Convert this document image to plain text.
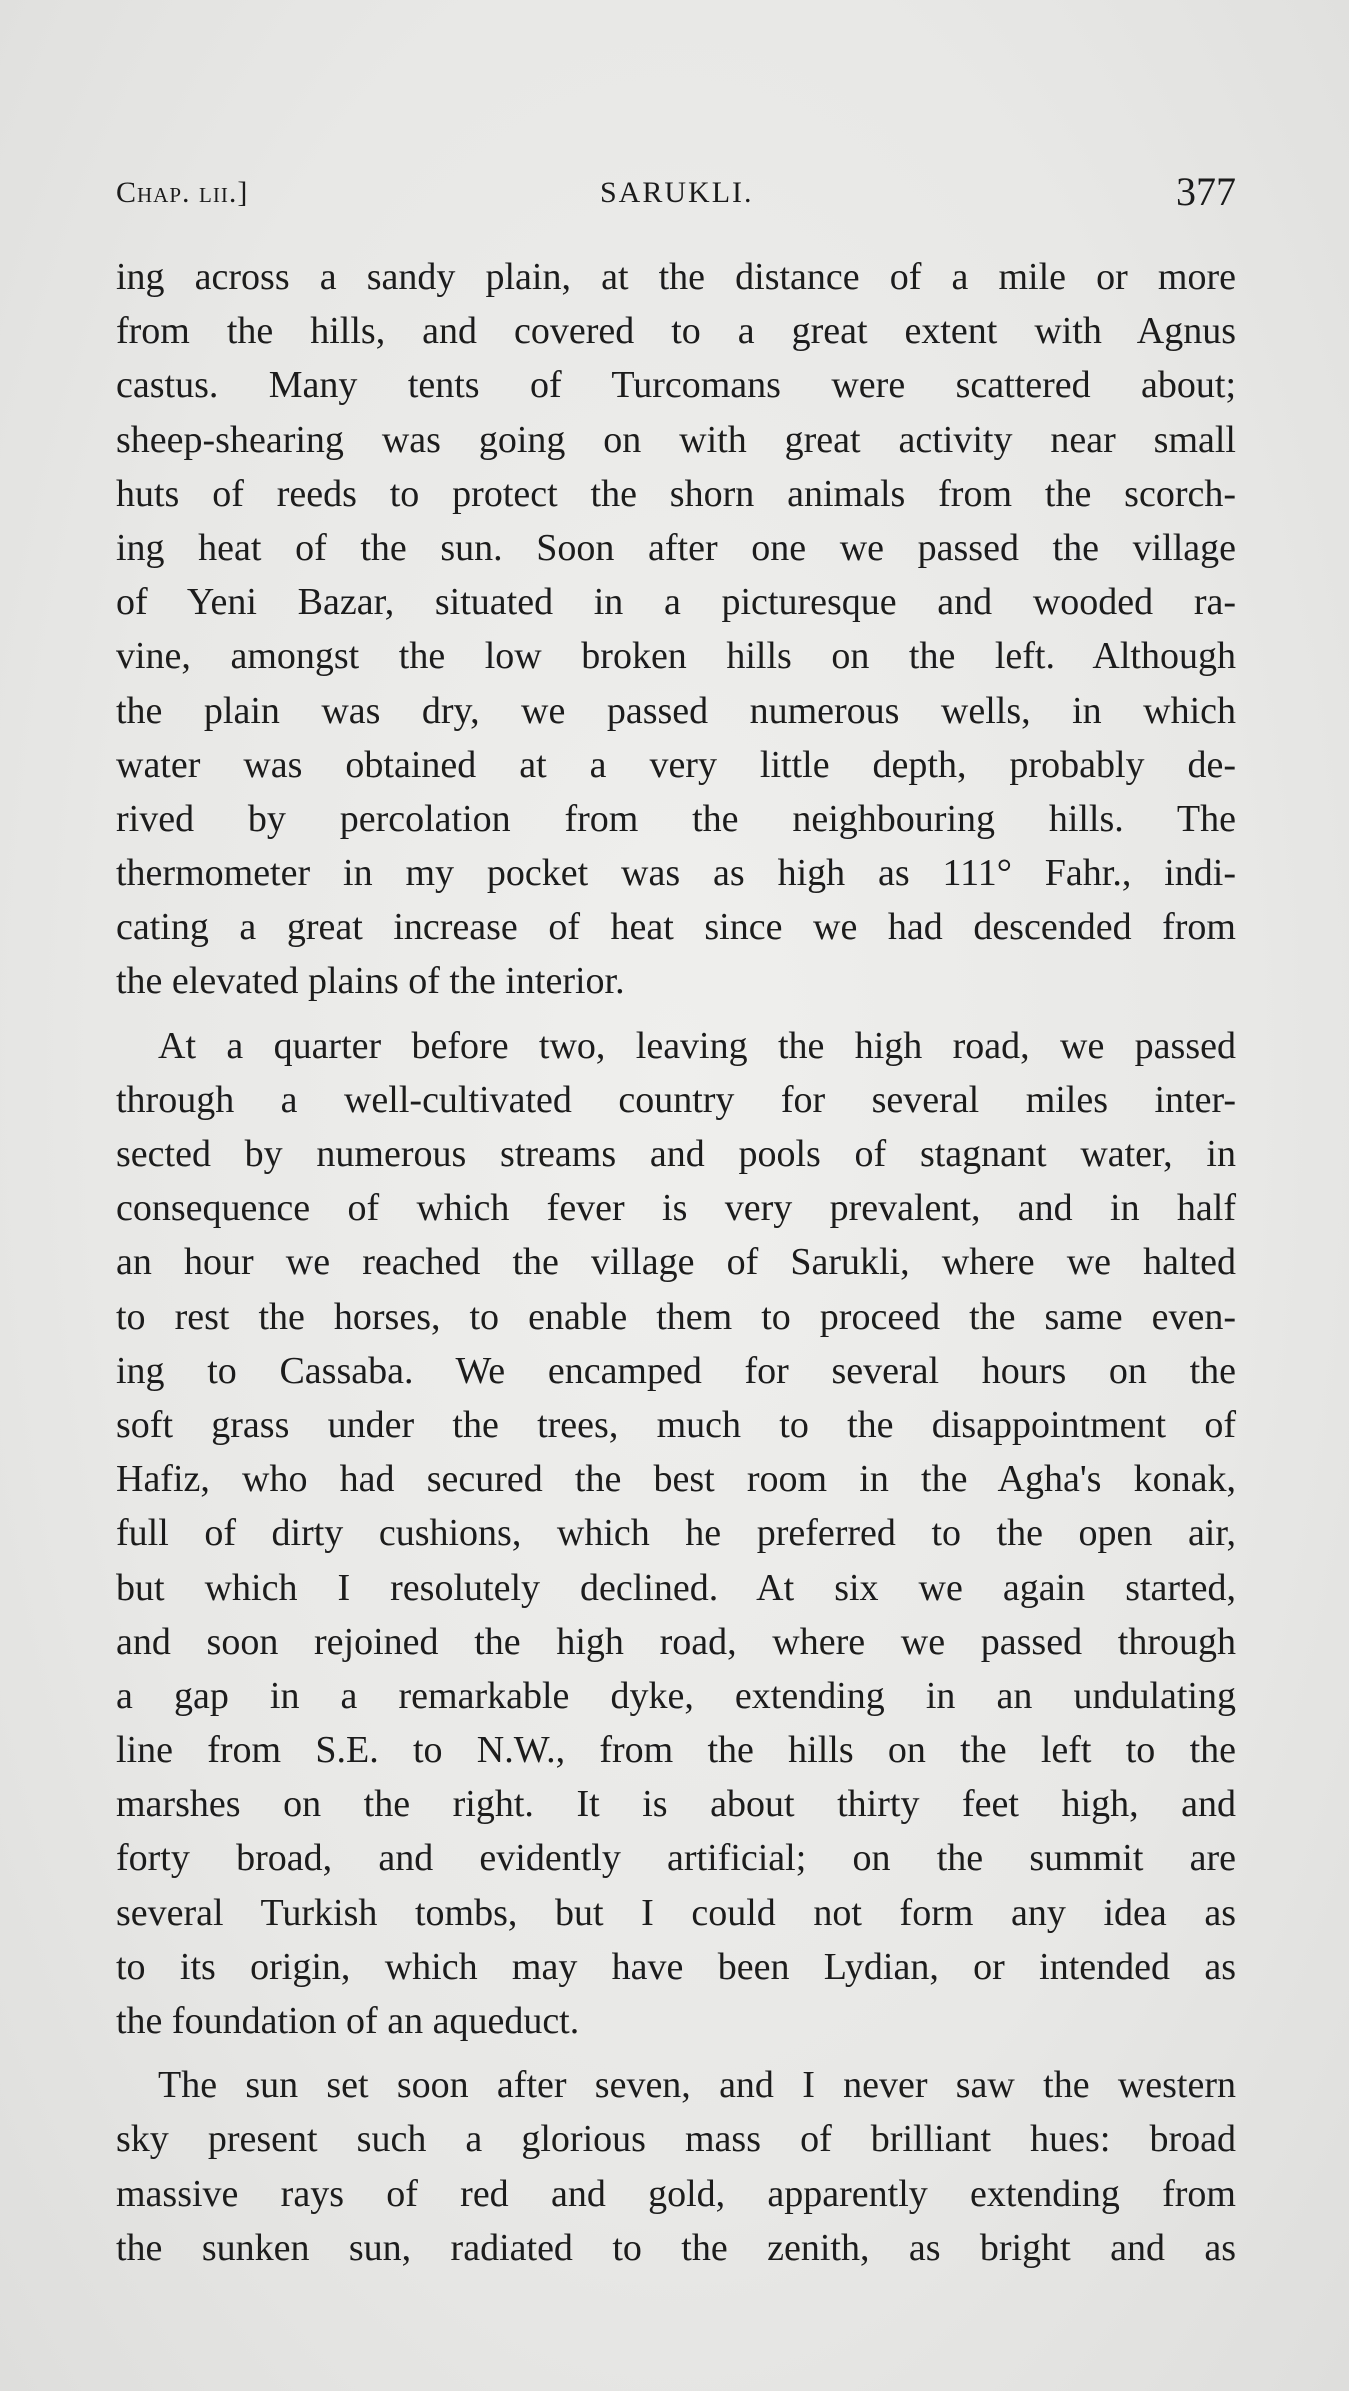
Chap. lii.]	SARUKLI.	377
ing across a sandy plain, at the distance of a mile or more
from the hills, and covered to a great extent with Agnus
castus. Many tents of Turcomans were scattered about;
sheep-shearing was going on with great activity near small
huts of reeds to protect the shorn animals from the scorch-
ing heat of the sun. Soon after one we passed the village
of Yeni Bazar, situated in a picturesque and wooded ra-
vine, amongst the low broken hills on the left. Although
the plain was dry, we passed numerous wells, in which
water was obtained at a very little depth, probably de-
rived by percolation from the neighbouring hills. The
thermometer in my pocket was as high as 111° Fahr., indi-
cating a great increase of heat since we had descended from
the elevated plains of the interior.
At a quarter before two, leaving the high road, we passed
through a well-cultivated country for several miles inter-
sected by numerous streams and pools of stagnant water, in
consequence of which fever is very prevalent, and in half
an hour we reached the village of Sarukli, where we halted
to rest the horses, to enable them to proceed the same even-
ing to Cassaba. We encamped for several hours on the
soft grass under the trees, much to the disappointment of
Hafiz, who had secured the best room in the Agha's konak,
full of dirty cushions, which he preferred to the open air,
but which I resolutely declined. At six we again started,
and soon rejoined the high road, where we passed through
a gap in a remarkable dyke, extending in an undulating
line from S.E. to N.W., from the hills on the left to the
marshes on the right. It is about thirty feet high, and
forty broad, and evidently artificial; on the summit are
several Turkish tombs, but I could not form any idea as
to its origin, which may have been Lydian, or intended as
the foundation of an aqueduct.
The sun set soon after seven, and I never saw the western
sky present such a glorious mass of brilliant hues: broad
massive rays of red and gold, apparently extending from
the sunken sun, radiated to the zenith, as bright and as
